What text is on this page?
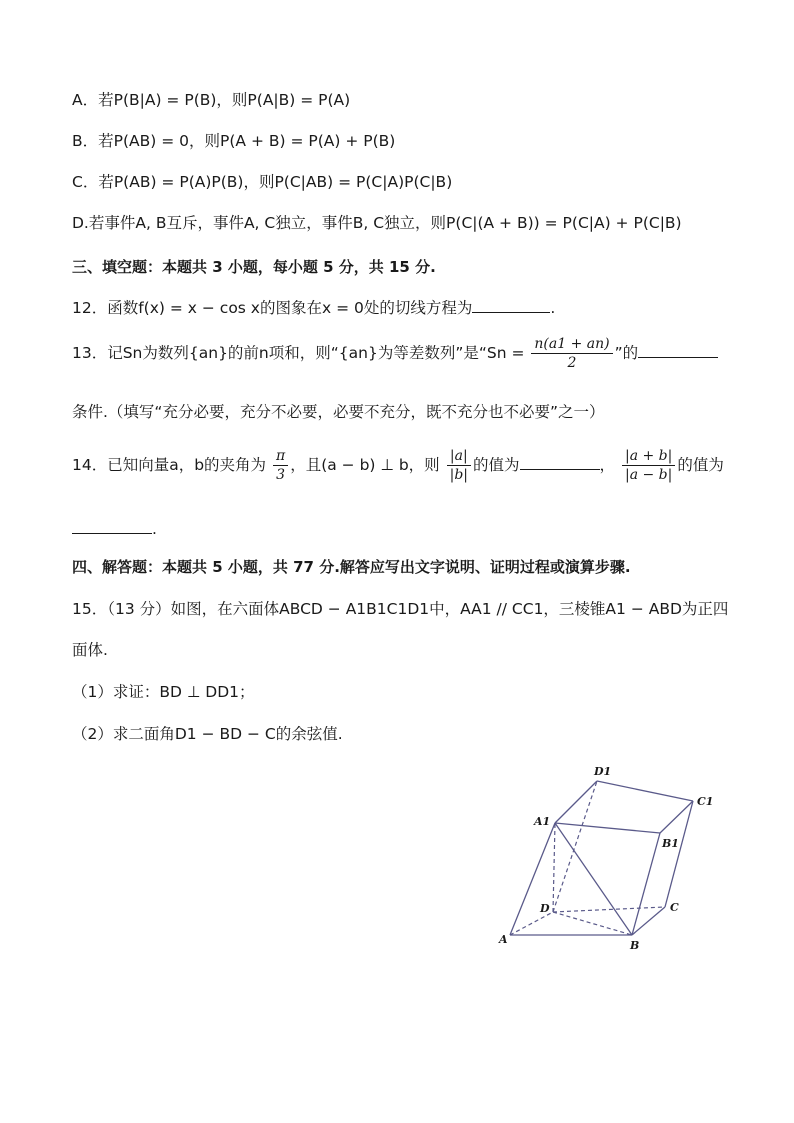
A．若P(B|A) = P(B)，则P(A|B) = P(A)
B．若P(AB) = 0，则P(A + B) = P(A) + P(B)
C．若P(AB) = P(A)P(B)，则P(C|AB) = P(C|A)P(C|B)
D.若事件A, B互斥，事件A, C独立，事件B, C独立，则P(C|(A + B)) = P(C|A) + P(C|B)
三、填空题：本题共 3 小题，每小题 5 分，共 15 分.
12．函数f(x) = x − cos x的图象在x = 0处的切线方程为	.
13．记Sn为数列{an}的前n项和，则“{an}为等差数列”是“$Sn = \frac{n(a1 + an)}{2}$ ”的
条件.（填写“充分必要，充分不必要，必要不充分，既不充分也不必要”之一）
14．已知向量a，b的夹角为 $\frac{\pi}{3}$ ，且(a − b) ⊥ b，则 $\frac{|a|}{|b|}$ 的值为	， $\frac{|a + b|}{|a - b|}$ 的值为
.
四、解答题：本题共 5 小题，共 77 分.解答应写出文字说明、证明过程或演算步骤.
15．（13 分）如图，在六面体ABCD − A1B1C1D1中，AA1 // CC1，三棱锥A1 − ABD为正四
面体.
（1）求证：BD ⊥ DD1；
（2）求二面角D1 − BD − C的余弦值.
D1
C1
A1
B1
D	C
A	B
